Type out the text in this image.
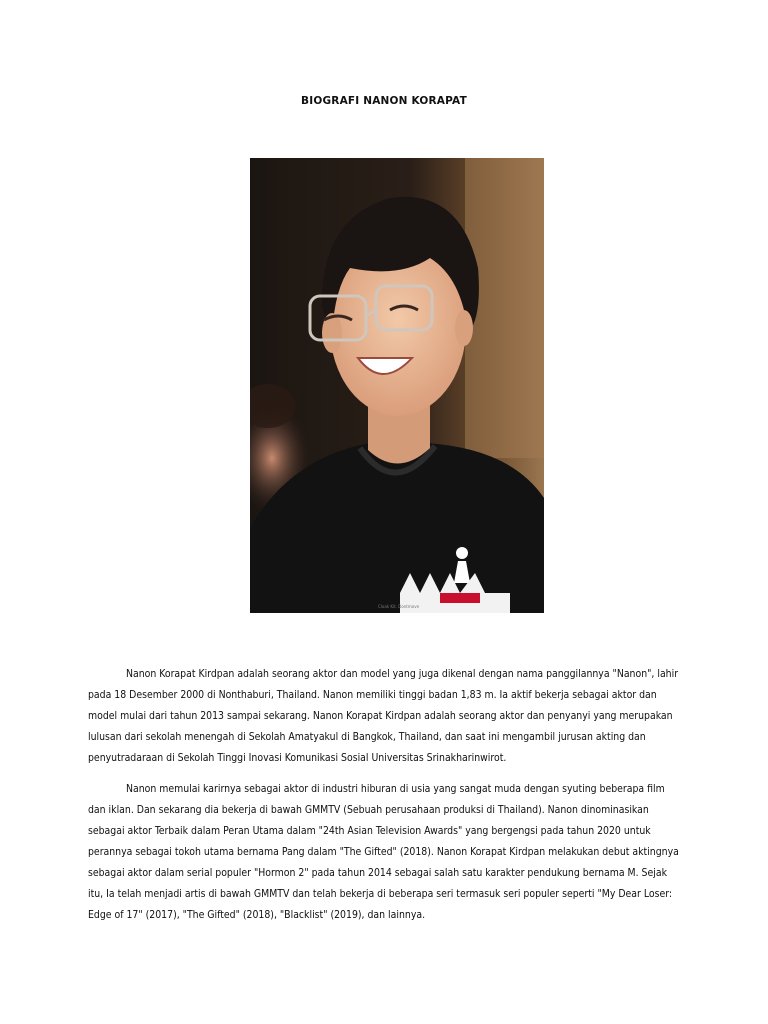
BIOGRAFI NANON KORAPAT
Cloak Kit. Dontmove

Nanon Korapat Kirdpan adalah seorang aktor dan model yang juga dikenal dengan nama panggilannya "Nanon", lahir pada 18 Desember 2000 di Nonthaburi, Thailand. Nanon memiliki tinggi badan 1,83 m. Ia aktif bekerja sebagai aktor dan model mulai dari tahun 2013 sampai sekarang. Nanon Korapat Kirdpan adalah seorang aktor dan penyanyi yang merupakan lulusan dari sekolah menengah di Sekolah Amatyakul di Bangkok, Thailand, dan saat ini mengambil jurusan akting dan penyutradaraan di Sekolah Tinggi Inovasi Komunikasi Sosial Universitas Srinakharinwirot.

Nanon memulai karirnya sebagai aktor di industri hiburan di usia yang sangat muda dengan syuting beberapa film dan iklan. Dan sekarang dia bekerja di bawah GMMTV (Sebuah perusahaan produksi di Thailand). Nanon dinominasikan sebagai aktor Terbaik dalam Peran Utama dalam "24th Asian Television Awards" yang bergengsi pada tahun 2020 untuk perannya sebagai tokoh utama bernama Pang dalam "The Gifted" (2018). Nanon Korapat Kirdpan melakukan debut aktingnya sebagai aktor dalam serial populer "Hormon 2" pada tahun 2014 sebagai salah satu karakter pendukung bernama M. Sejak itu, Ia telah menjadi artis di bawah GMMTV dan telah bekerja di beberapa seri termasuk seri populer seperti "My Dear Loser: Edge of 17" (2017), "The Gifted" (2018), "Blacklist" (2019), dan lainnya.
